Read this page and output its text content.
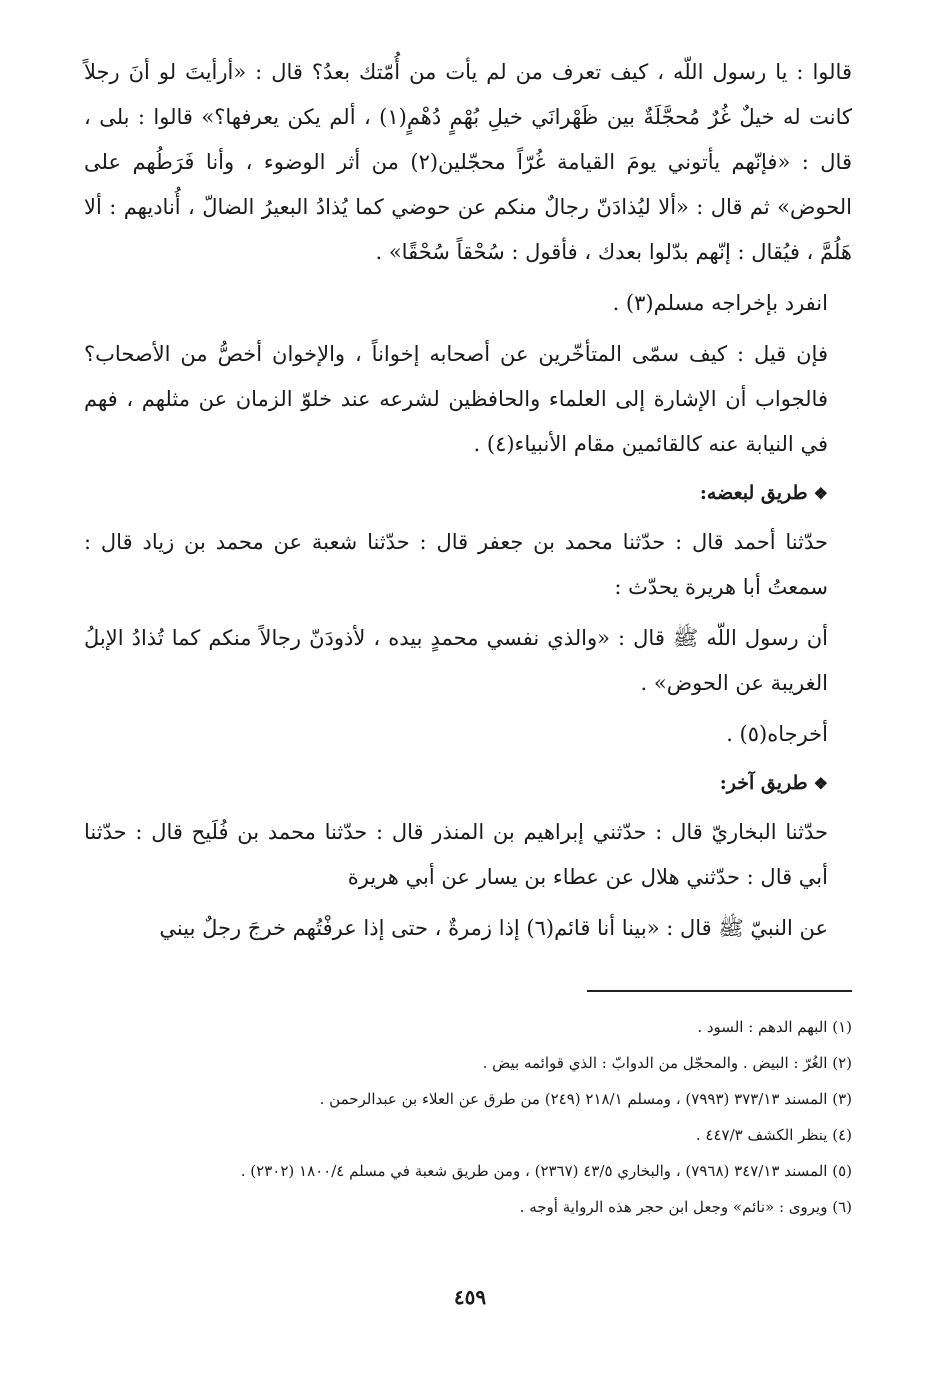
قالوا : يا رسول اللّه ، كيف تعرف من لم يأت من أُمّتك بعدُ؟ قال : «أرأيتَ لو أنَ رجلاً كانت له خيلٌ غُرٌ مُحجَّلَةٌ بين ظَهْرانَي خيلِ بُهْمٍ دُهْمٍ(١) ، ألم يكن يعرفها؟» قالوا : بلى ، قال : «فإنّهم يأتوني يومَ القيامة غُرّاً محجّلين(٢) من أثر الوضوء ، وأنا فَرَطُهم على الحوض» ثم قال : «ألا ليُذادَنّ رجالٌ منكم عن حوضي كما يُذادُ البعيرُ الضالّ ، أُناديهم : ألا هَلُمَّ ، فيُقال : إنّهم بدّلوا بعدك ، فأقول : سُحْقاً سُحْقًا» .

انفرد بإخراجه مسلم(٣) .

فإن قيل : كيف سمّى المتأخّرين عن أصحابه إخواناً ، والإخوان أخصُّ من الأصحاب؟ فالجواب أن الإشارة إلى العلماء والحافظين لشرعه عند خلوّ الزمان عن مثلهم ، فهم في النيابة عنه كالقائمين مقام الأنبياء(٤) .

❖طريق لبعضه:

حدّثنا أحمد قال : حدّثنا محمد بن جعفر قال : حدّثنا شعبة عن محمد بن زياد قال : سمعتُ أبا هريرة يحدّث :

أن رسول اللّه ﷺ قال : «والذي نفسي محمدٍ بيده ، لأذودَنّ رجالاً منكم كما تُذادُ الإبلُ الغريبة عن الحوض» .

أخرجاه(٥) .

❖طريق آخر:

حدّثنا البخاريّ قال : حدّثني إبراهيم بن المنذر قال : حدّثنا محمد بن فُلَيح قال : حدّثنا أبي قال : حدّثني هلال عن عطاء بن يسار عن أبي هريرة

عن النبيّ ﷺ قال : «بينا أنا قائم(٦) إذا زمرةٌ ، حتى إذا عرفْتُهم خرجَ رجلٌ بيني

(١) البهم الدهم : السود .

(٢) الغُرّ : البيض . والمحجّل من الدوابّ : الذي قوائمه بيض .

(٣) المسند ٣٧٣/١٣ (٧٩٩٣) ، ومسلم ٢١٨/١ (٢٤٩) من طرق عن العلاء بن عبدالرحمن .

(٤) ينظر الكشف ٤٤٧/٣ .

(٥) المسند ٣٤٧/١٣ (٧٩٦٨) ، والبخاري ٤٣/٥ (٢٣٦٧) ، ومن طريق شعبة في مسلم ١٨٠٠/٤ (٢٣٠٢) .

(٦) ويروى : «نائم» وجعل ابن حجر هذه الرواية أوجه .

٤٥٩
